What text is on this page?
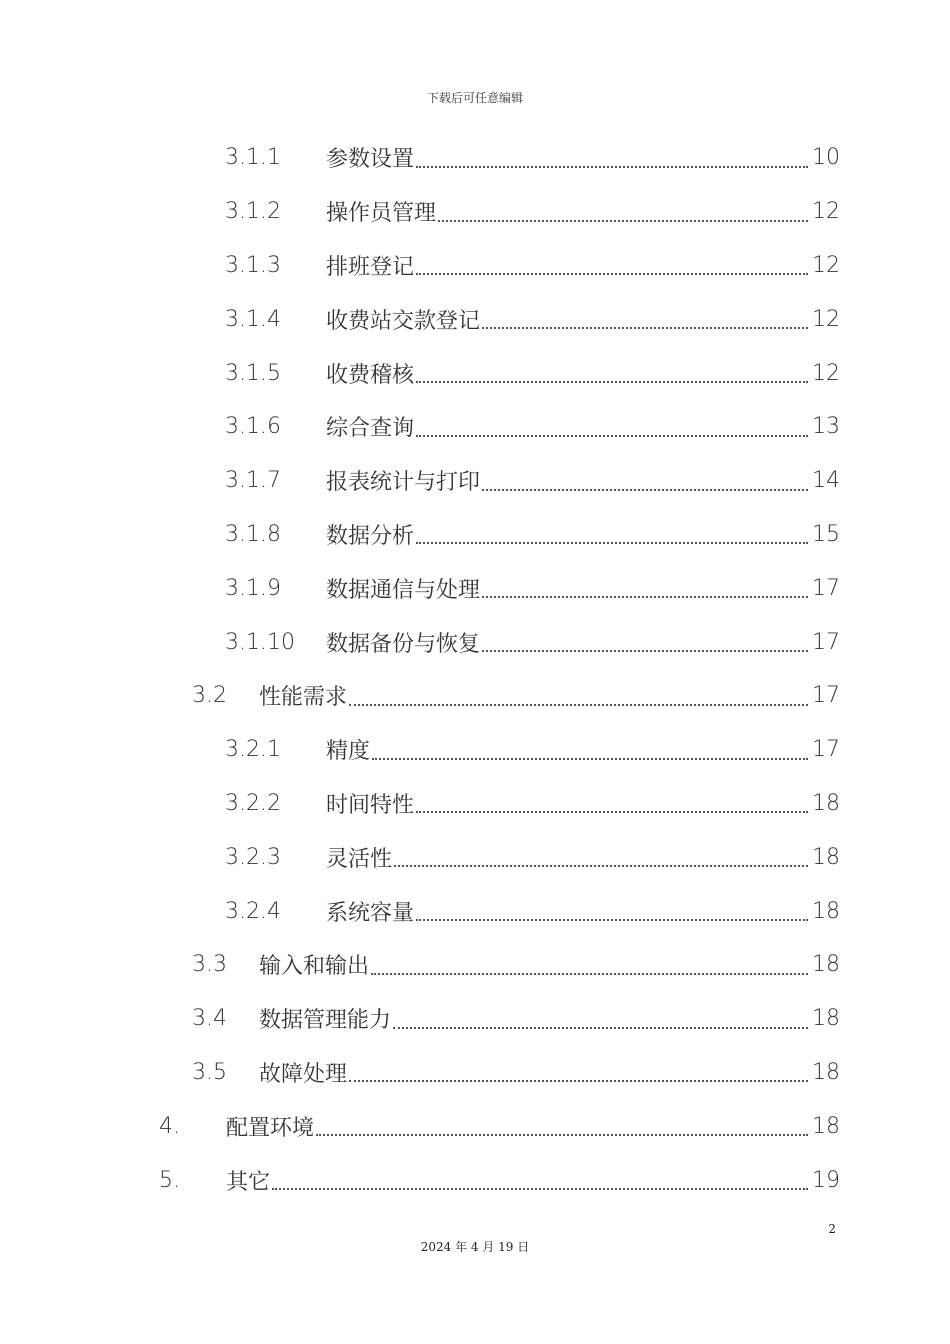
下载后可任意编辑
3.1.1	参数设置	10
3.1.2	操作员管理	12
3.1.3	排班登记	12
3.1.4	收费站交款登记	12
3.1.5	收费稽核	12
3.1.6	综合查询	13
3.1.7	报表统计与打印	14
3.1.8	数据分析	15
3.1.9	数据通信与处理	17
3.1.10	数据备份与恢复	17
3.2	性能需求	17
3.2.1	精度	17
3.2.2	时间特性	18
3.2.3	灵活性	18
3.2.4	系统容量	18
3.3	输入和输出	18
3.4	数据管理能力	18
3.5	故障处理	18
4.	配置环境	18
5.	其它	19
2
2024 年 4 月 19 日
